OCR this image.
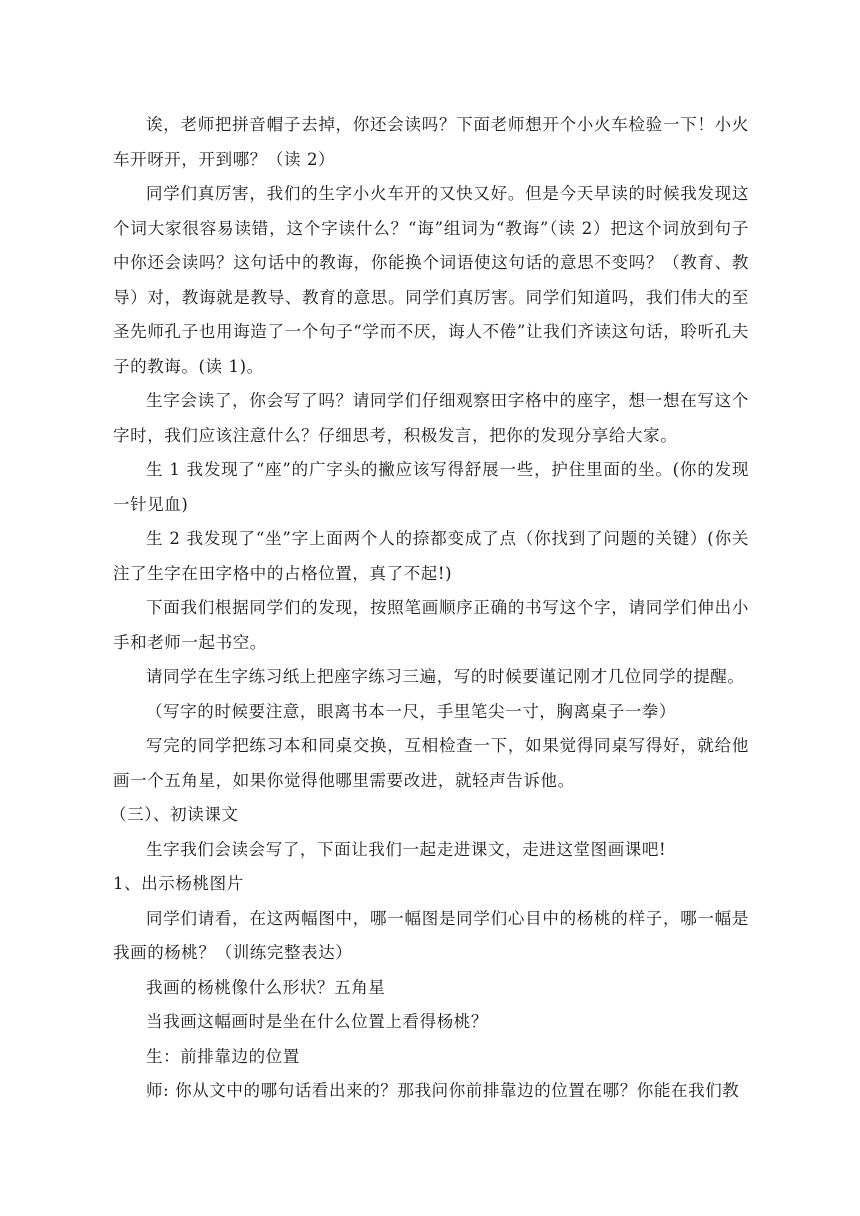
诶，老师把拼音帽子去掉，你还会读吗？下面老师想开个小火车检验一下！小火车开呀开，开到哪？（读 2）

同学们真厉害，我们的生字小火车开的又快又好。但是今天早读的时候我发现这个词大家很容易读错，这个字读什么？“诲”组词为“教诲”（读 2）把这个词放到句子中你还会读吗？这句话中的教诲，你能换个词语使这句话的意思不变吗？（教育、教导）对，教诲就是教导、教育的意思。同学们真厉害。同学们知道吗，我们伟大的至圣先师孔子也用诲造了一个句子“学而不厌，诲人不倦”让我们齐读这句话，聆听孔夫子的教诲。(读 1)。

生字会读了，你会写了吗？请同学们仔细观察田字格中的座字，想一想在写这个字时，我们应该注意什么？仔细思考，积极发言，把你的发现分享给大家。

生 1 我发现了“座”的广字头的撇应该写得舒展一些，护住里面的坐。(你的发现一针见血)

生 2 我发现了“坐”字上面两个人的捺都变成了点（你找到了问题的关键）(你关注了生字在田字格中的占格位置，真了不起!)

下面我们根据同学们的发现，按照笔画顺序正确的书写这个字，请同学们伸出小手和老师一起书空。

请同学在生字练习纸上把座字练习三遍，写的时候要谨记刚才几位同学的提醒。

（写字的时候要注意，眼离书本一尺，手里笔尖一寸，胸离桌子一拳）

写完的同学把练习本和同桌交换，互相检查一下，如果觉得同桌写得好，就给他画一个五角星，如果你觉得他哪里需要改进，就轻声告诉他。

（三）、初读课文

生字我们会读会写了，下面让我们一起走进课文，走进这堂图画课吧!

1、出示杨桃图片

同学们请看，在这两幅图中，哪一幅图是同学们心目中的杨桃的样子，哪一幅是我画的杨桃？（训练完整表达）

我画的杨桃像什么形状？五角星

当我画这幅画时是坐在什么位置上看得杨桃？

生：前排靠边的位置

师: 你从文中的哪句话看出来的？那我问你前排靠边的位置在哪？你能在我们教
